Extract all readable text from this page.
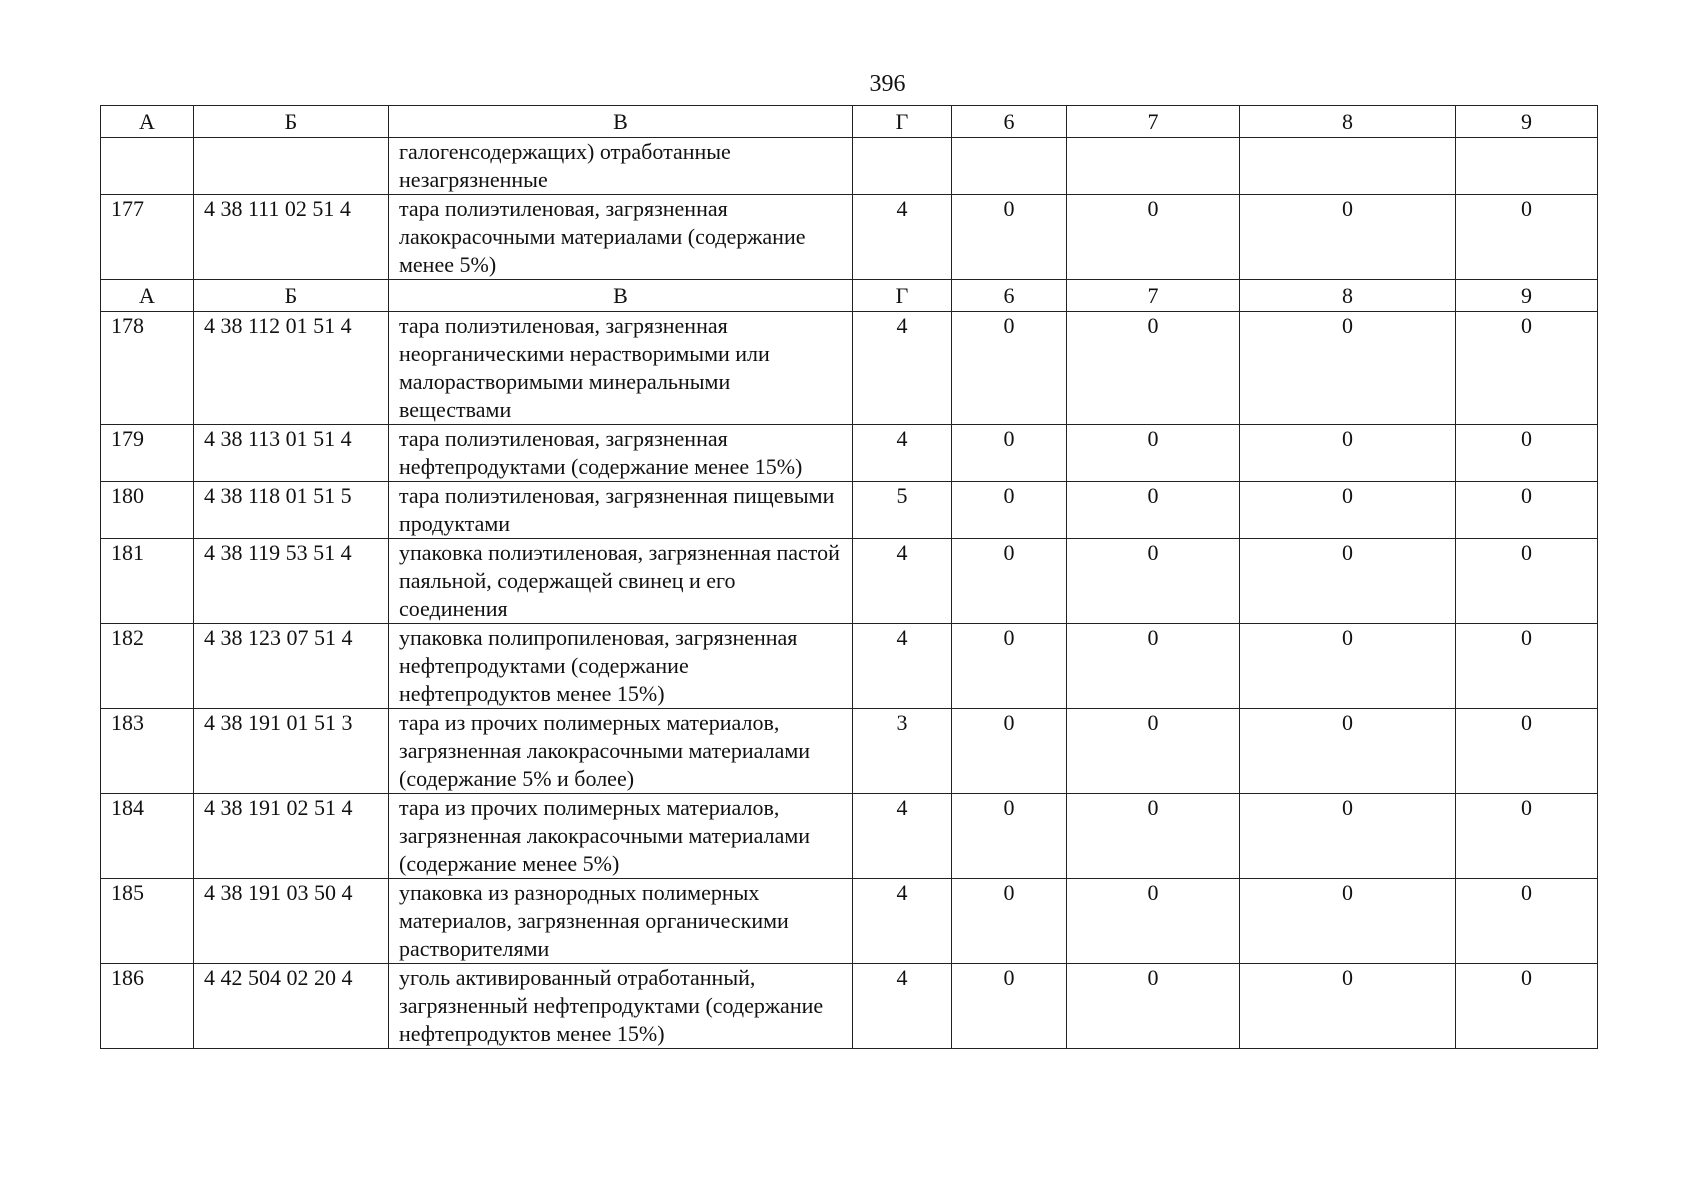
396
А	Б	В	Г	6	7	8	9
		галогенсодержащих) отработанные незагрязненные					
177	4 38 111 02 51 4	тара полиэтиленовая, загрязненная лакокрасочными материалами (содержание менее 5%)	4	0	0	0	0
А	Б	В	Г	6	7	8	9
178	4 38 112 01 51 4	тара полиэтиленовая, загрязненная неорганическими нерастворимыми или малорастворимыми минеральными веществами	4	0	0	0	0
179	4 38 113 01 51 4	тара полиэтиленовая, загрязненная нефтепродуктами (содержание менее 15%)	4	0	0	0	0
180	4 38 118 01 51 5	тара полиэтиленовая, загрязненная пищевыми продуктами	5	0	0	0	0
181	4 38 119 53 51 4	упаковка полиэтиленовая, загрязненная пастой паяльной, содержащей свинец и его соединения	4	0	0	0	0
182	4 38 123 07 51 4	упаковка полипропиленовая, загрязненная нефтепродуктами (содержание нефтепродуктов менее 15%)	4	0	0	0	0
183	4 38 191 01 51 3	тара из прочих полимерных материалов, загрязненная лакокрасочными материалами (содержание 5% и более)	3	0	0	0	0
184	4 38 191 02 51 4	тара из прочих полимерных материалов, загрязненная лакокрасочными материалами (содержание менее 5%)	4	0	0	0	0
185	4 38 191 03 50 4	упаковка из разнородных полимерных материалов, загрязненная органическими растворителями	4	0	0	0	0
186	4 42 504 02 20 4	уголь активированный отработанный, загрязненный нефтепродуктами (содержание нефтепродуктов менее 15%)	4	0	0	0	0
